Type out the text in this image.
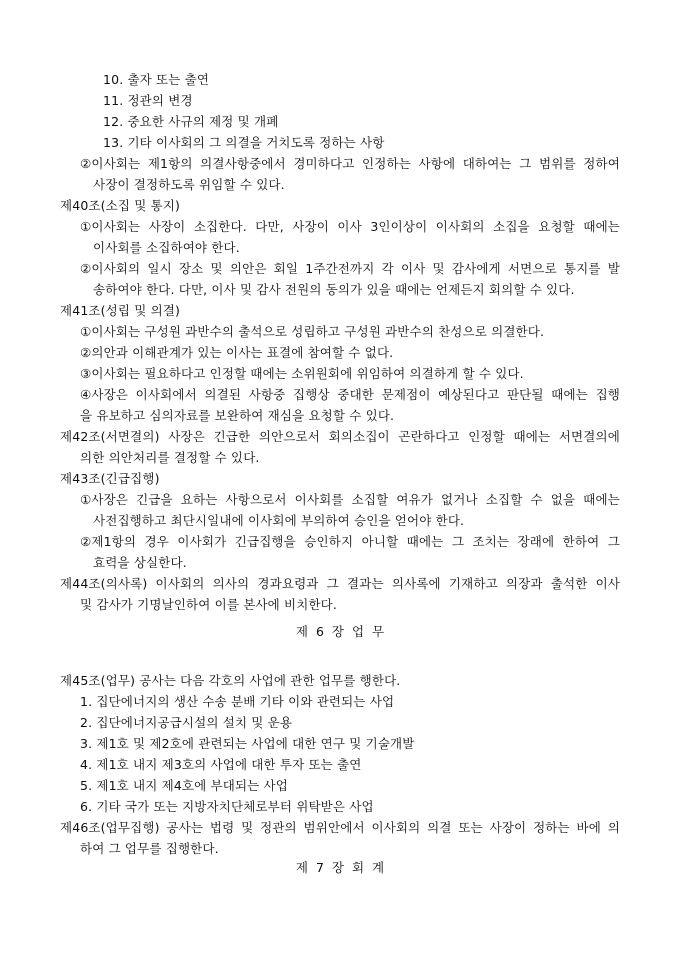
10. 출자 또는 출연
11. 정관의 변경
12. 중요한 사규의 제정 및 개폐
13. 기타 이사회의 그 의결을 거치도록 정하는 사항
②이사회는 제1항의 의결사항중에서 경미하다고 인정하는 사항에 대하여는 그 범위를 정하여
사장이 결정하도록 위임할 수 있다.
제40조(소집 및 통지)
①이사회는 사장이 소집한다. 다만, 사장이 이사 3인이상이 이사회의 소집을 요청할 때에는
이사회를 소집하여야 한다.
②이사회의 일시 장소 및 의안은 회일 1주간전까지 각 이사 및 감사에게 서면으로 통지를 발
송하여야 한다. 다만, 이사 및 감사 전원의 동의가 있을 때에는 언제든지 회의할 수 있다.
제41조(성립 및 의결)
①이사회는 구성원 과반수의 출석으로 성립하고 구성원 과반수의 찬성으로 의결한다.
②의안과 이해관계가 있는 이사는 표결에 참여할 수 없다.
③이사회는 필요하다고 인정할 때에는 소위원회에 위임하여 의결하게 할 수 있다.
④사장은 이사회에서 의결된 사항중 집행상 중대한 문제점이 예상된다고 판단될 때에는 집행
을 유보하고 심의자료를 보완하여 재심을 요청할 수 있다.
제42조(서면결의) 사장은 긴급한 의안으로서 회의소집이 곤란하다고 인정할 때에는 서면결의에
의한 의안처리를 결정할 수 있다.
제43조(긴급집행)
①사장은 긴급을 요하는 사항으로서 이사회를 소집할 여유가 없거나 소집할 수 없을 때에는
사전집행하고 최단시일내에 이사회에 부의하여 승인을 얻어야 한다.
②제1항의 경우 이사회가 긴급집행을 승인하지 아니할 때에는 그 조치는 장래에 한하여 그
효력을 상실한다.
제44조(의사록) 이사회의 의사의 경과요령과 그 결과는 의사록에 기재하고 의장과 출석한 이사
및 감사가 기명날인하여 이를 본사에 비치한다.
제45조(업무) 공사는 다음 각호의 사업에 관한 업무를 행한다.
1. 집단에너지의 생산 수송 분배 기타 이와 관련되는 사업
2. 집단에너지공급시설의 설치 및 운용
3. 제1호 및 제2호에 관련되는 사업에 대한 연구 및 기술개발
4. 제1호 내지 제3호의 사업에 대한 투자 또는 출연
5. 제1호 내지 제4호에 부대되는 사업
6. 기타 국가 또는 지방자치단체로부터 위탁받은 사업
제46조(업무집행) 공사는 법령 및 정관의 범위안에서 이사회의 의결 또는 사장이 정하는 바에 의
하여 그 업무를 집행한다.
제 6 장 업 무
제 7 장 회 계
